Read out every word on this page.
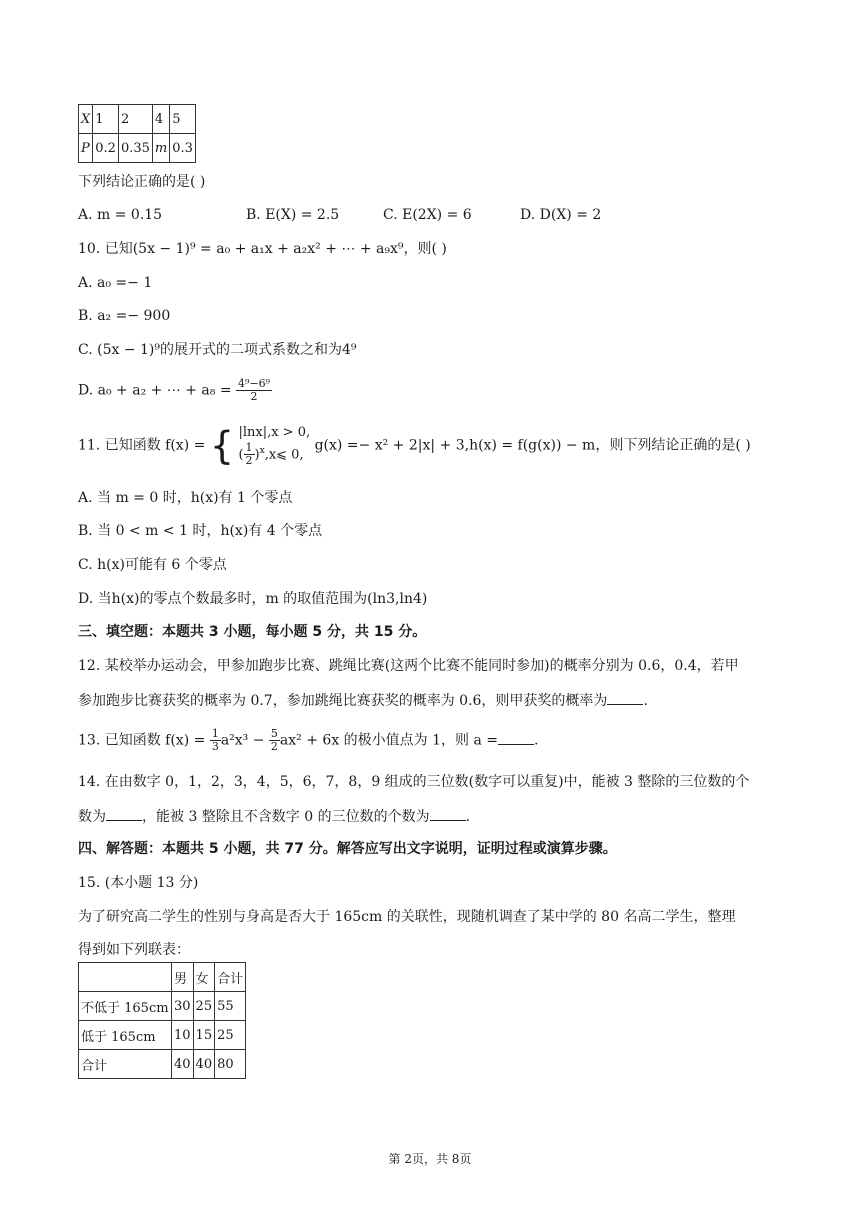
X	1	2	4	5
P	0.2	0.35	m	0.3
下列结论正确的是( )
A. m = 0.15	B. E(X) = 2.5	C. E(2X) = 6	D. D(X) = 2
10. 已知(5x − 1)⁹ = a₀ + a₁x + a₂x² + ⋯ + a₉x⁹，则( )
A. a₀ =− 1
B. a₂ =− 900
C. (5x − 1)⁹的展开式的二项式系数之和为4⁹
D. a₀ + a₂ + ⋯ + $a_8 = \frac{\text{4⁹−6⁹}}{2}$
11. 已知函数 f(x) = { |lnx|,x > 0,
( $\frac{1}{2}$ )$^x$,x⩽ 0,
g(x) =− x² + 2|x| + 3,h(x) = f(g(x)) − m，则下列结论正确的是( )
A. 当 m = 0 时，h(x)有 1 个零点
B. 当 0 < m < 1 时，h(x)有 4 个零点
C. h(x)可能有 6 个零点
D. 当h(x)的零点个数最多时，m 的取值范围为(ln3,ln4)
三、填空题：本题共 3 小题，每小题 5 分，共 15 分。
12. 某校举办运动会，甲参加跑步比赛、跳绳比赛(这两个比赛不能同时参加)的概率分别为 0.6，0.4，若甲
参加跑步比赛获奖的概率为 0.7，参加跳绳比赛获奖的概率为 0.6，则甲获奖的概率为	.
13. 已知函数 $f(x) = \frac{1}{3} a^2x^3 - \frac{5}{2} ax^2 + 6x$ 的极小值点为 1，则 a =	.
14. 在由数字 0，1，2，3，4，5，6，7，8，9 组成的三位数(数字可以重复)中，能被 3 整除的三位数的个
数为	，能被 3 整除且不含数字 0 的三位数的个数为	.
四、解答题：本题共 5 小题，共 77 分。解答应写出文字说明，证明过程或演算步骤。
15. (本小题 13 分)
为了研究高二学生的性别与身高是否大于 165cm 的关联性，现随机调查了某中学的 80 名高二学生，整理
得到如下列联表：
	男	女	合计
不低于 165cm	30	25	55
低于 165cm	10	15	25
合计	40	40	80
第 2页，共 8页
